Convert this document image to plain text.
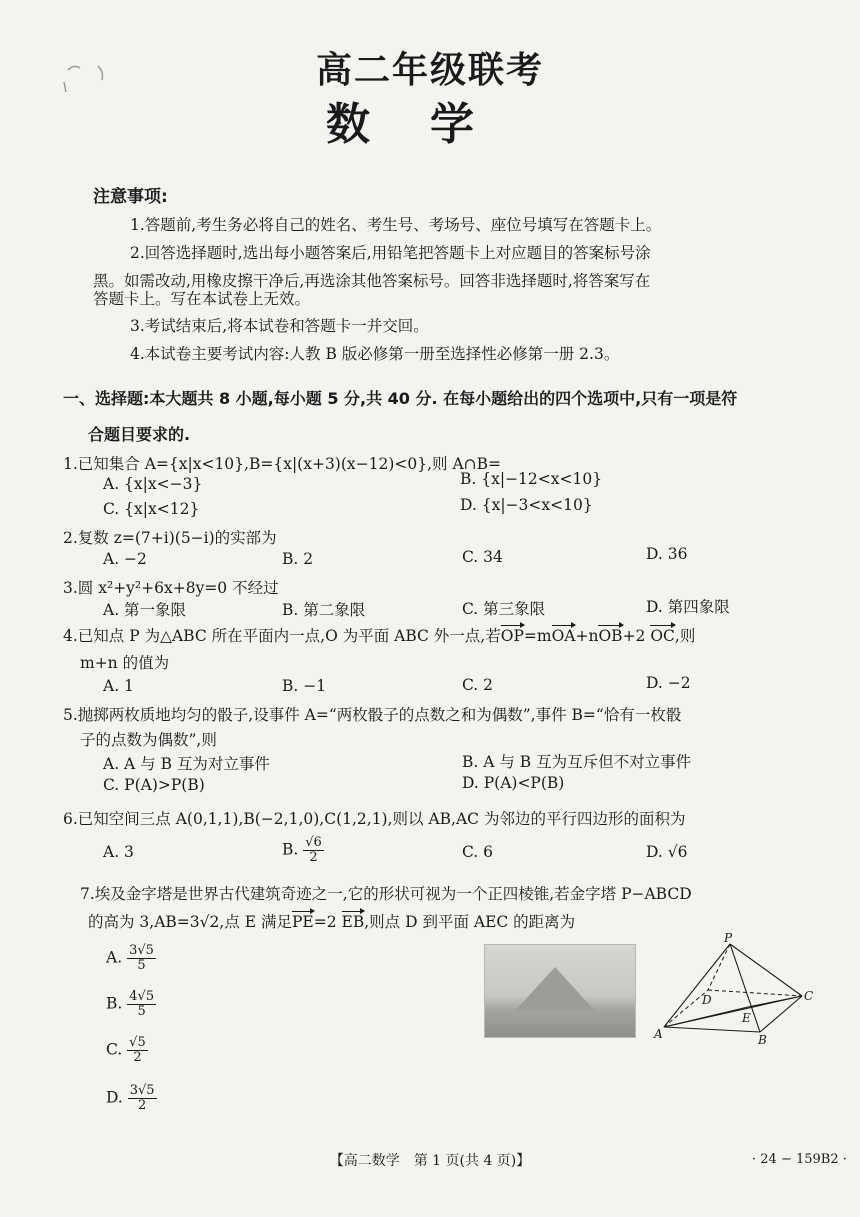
高二年级联考
数学
注意事项:
1.答题前,考生务必将自己的姓名、考生号、考场号、座位号填写在答题卡上。
2.回答选择题时,选出每小题答案后,用铅笔把答题卡上对应题目的答案标号涂
黑。如需改动,用橡皮擦干净后,再选涂其他答案标号。回答非选择题时,将答案写在
答题卡上。写在本试卷上无效。
3.考试结束后,将本试卷和答题卡一并交回。
4.本试卷主要考试内容:人教 B 版必修第一册至选择性必修第一册 2.3。
一、选择题:本大题共 8 小题,每小题 5 分,共 40 分. 在每小题给出的四个选项中,只有一项是符
合题目要求的.
1.已知集合 A={x|x<10},B={x|(x+3)(x−12)<0},则 A∩B=
A. {x|x<−3}	B. {x|−12<x<10}
C. {x|x<12}	D. {x|−3<x<10}
2.复数 z=(7+i)(5−i)的实部为
A. −2	B. 2	C. 34	D. 36
3.圆 x²+y²+6x+8y=0 不经过
A. 第一象限	B. 第二象限	C. 第三象限	D. 第四象限
4.已知点 P 为△ABC 所在平面内一点,O 为平面 ABC 外一点,若OP=mOA+nOB+2 OC,则
m+n 的值为
A. 1	B. −1	C. 2	D. −2
5.抛掷两枚质地均匀的骰子,设事件 A=“两枚骰子的点数之和为偶数”,事件 B=“恰有一枚骰
子的点数为偶数”,则
A. A 与 B 互为对立事件	B. A 与 B 互为互斥但不对立事件
C. P(A)>P(B)	D. P(A)<P(B)
6.已知空间三点 A(0,1,1),B(−2,1,0),C(1,2,1),则以 AB,AC 为邻边的平行四边形的面积为
A. 3	B. $\frac{√6}{2}$	C. 6	D. √6
7.埃及金字塔是世界古代建筑奇迹之一,它的形状可视为一个正四棱锥,若金字塔 P−ABCD
的高为 3,AB=3√2,点 E 满足PE=2 EB,则点 D 到平面 AEC 的距离为
A. $\frac{3√5}{5}$
B. $\frac{4√5}{5}$
C. $\frac{√5}{2}$
D. $\frac{3√5}{2}$
P
D	C
E
A	B
【高二数学　第 1 页(共 4 页)】	· 24 − 159B2 ·
